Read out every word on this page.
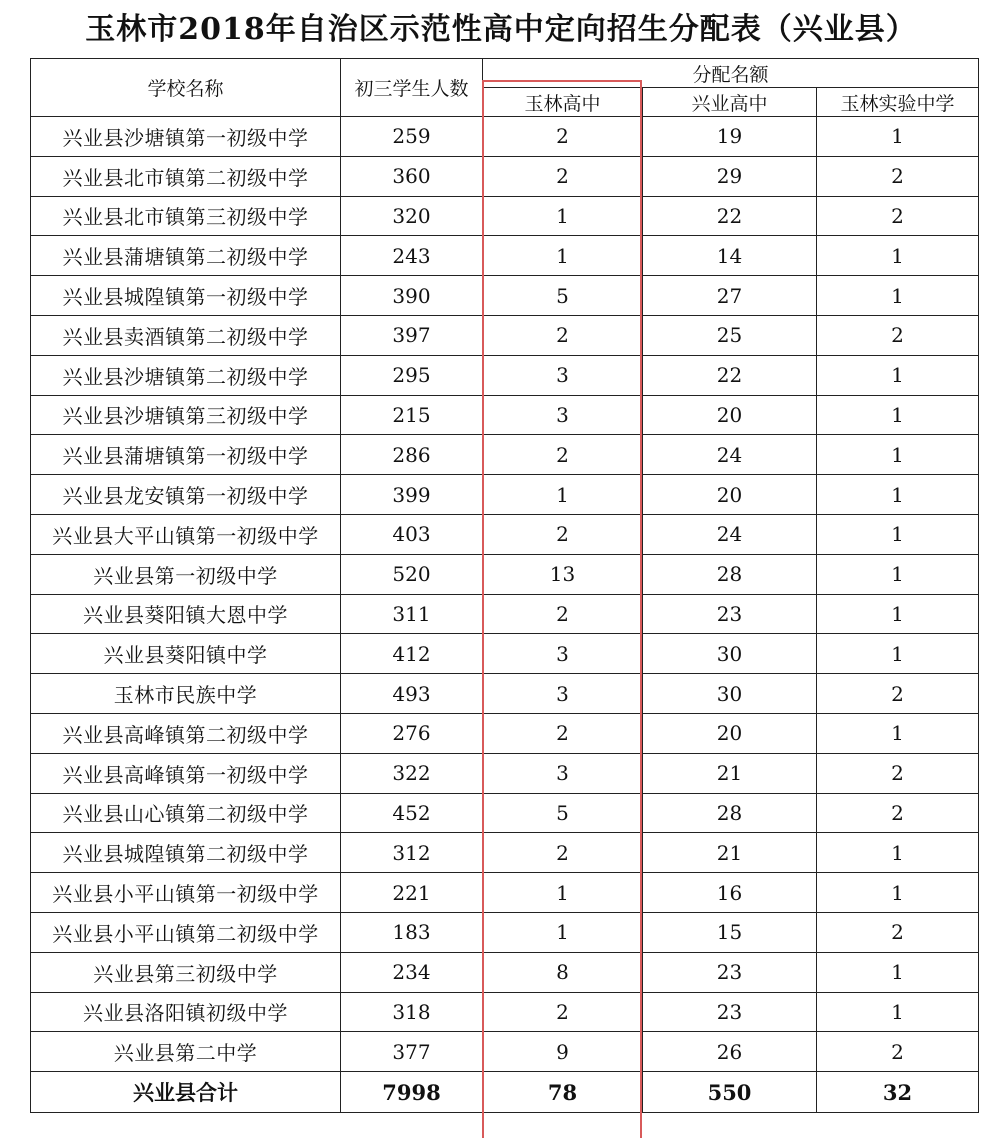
玉林市2018年自治区示范性高中定向招生分配表（兴业县）
学校名称	初三学生人数	分配名额		
		玉林高中	兴业高中	玉林实验中学
兴业县沙塘镇第一初级中学	259	2	19	1
兴业县北市镇第二初级中学	360	2	29	2
兴业县北市镇第三初级中学	320	1	22	2
兴业县蒲塘镇第二初级中学	243	1	14	1
兴业县城隍镇第一初级中学	390	5	27	1
兴业县卖酒镇第二初级中学	397	2	25	2
兴业县沙塘镇第二初级中学	295	3	22	1
兴业县沙塘镇第三初级中学	215	3	20	1
兴业县蒲塘镇第一初级中学	286	2	24	1
兴业县龙安镇第一初级中学	399	1	20	1
兴业县大平山镇第一初级中学	403	2	24	1
兴业县第一初级中学	520	13	28	1
兴业县葵阳镇大恩中学	311	2	23	1
兴业县葵阳镇中学	412	3	30	1
玉林市民族中学	493	3	30	2
兴业县高峰镇第二初级中学	276	2	20	1
兴业县高峰镇第一初级中学	322	3	21	2
兴业县山心镇第二初级中学	452	5	28	2
兴业县城隍镇第二初级中学	312	2	21	1
兴业县小平山镇第一初级中学	221	1	16	1
兴业县小平山镇第二初级中学	183	1	15	2
兴业县第三初级中学	234	8	23	1
兴业县洛阳镇初级中学	318	2	23	1
兴业县第二中学	377	9	26	2
兴业县合计	7998	78	550	32
